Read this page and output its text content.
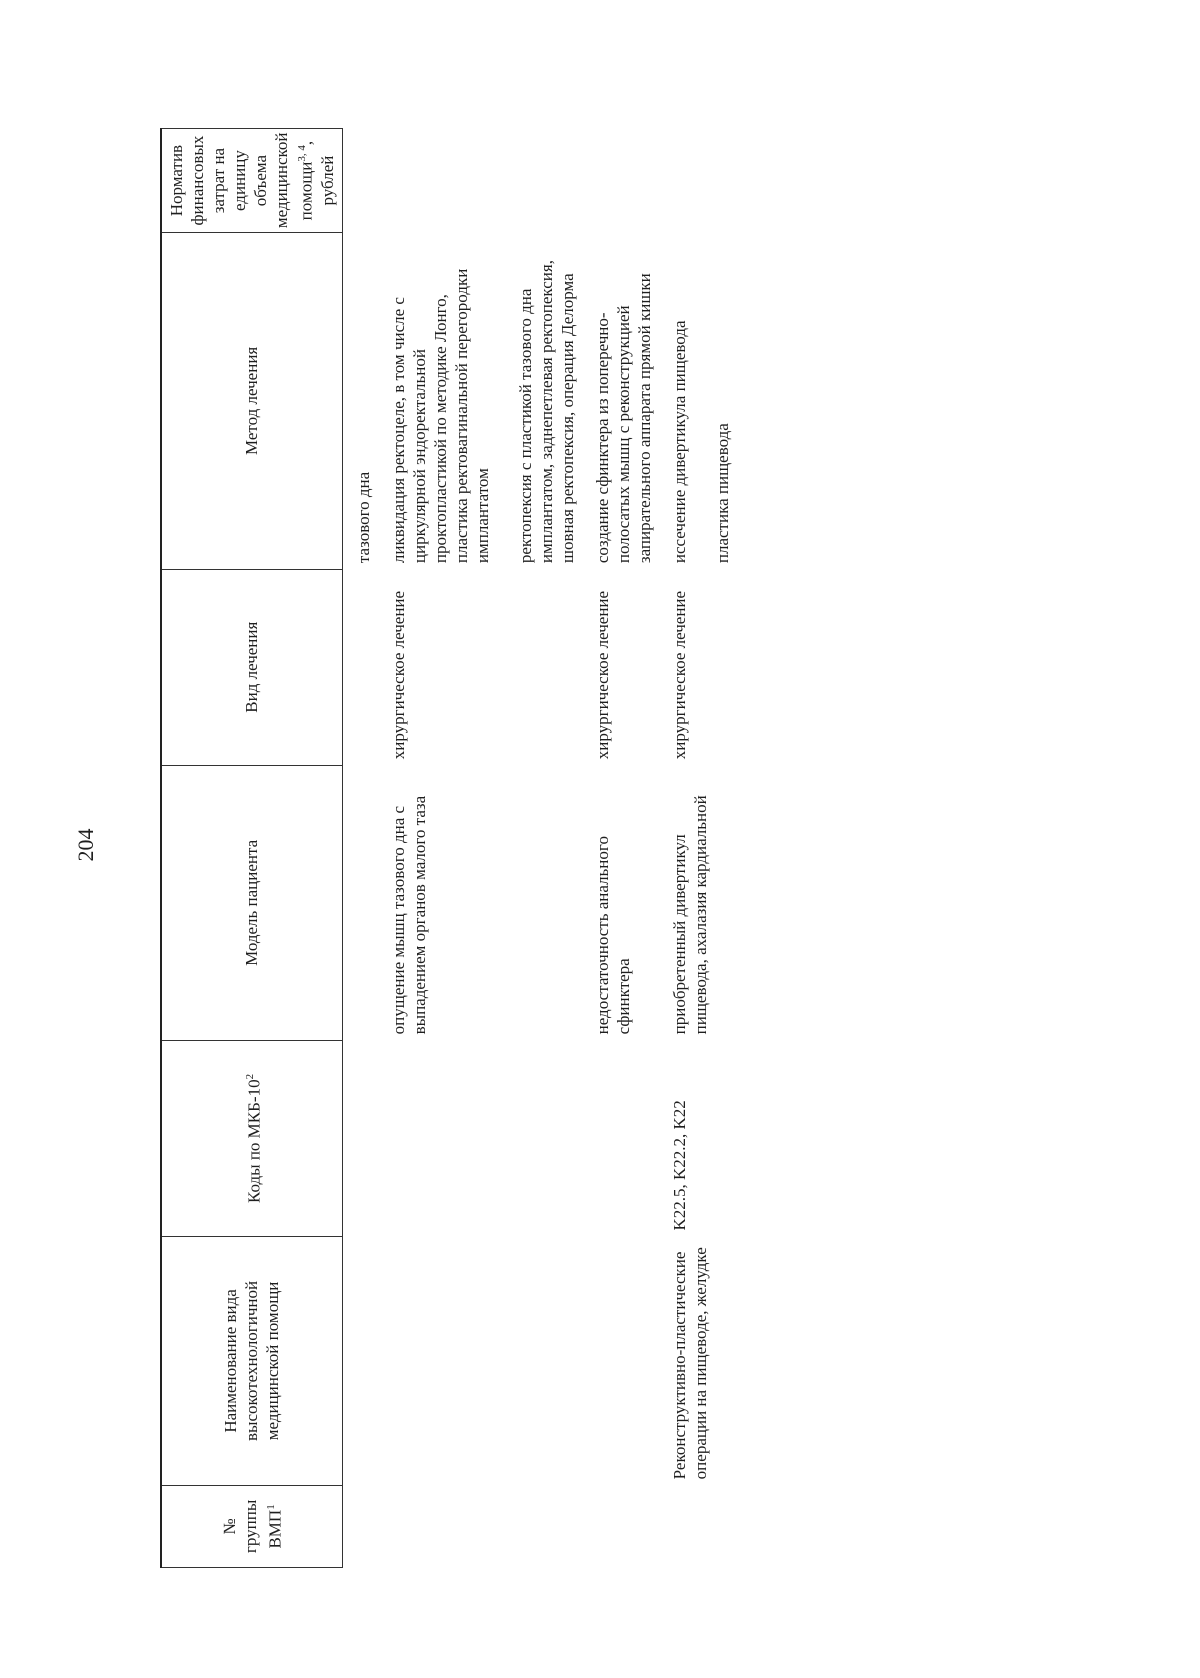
204
№ группы ВМП$^1$	Наименование вида высокотехнологичной медицинской помощи	Коды по МКБ-$10^2$	Модель пациента	Вид лечения	Метод лечения	Норматив финансовых затрат на единицу объема медицинской помощи$^{3, 4}$, рублей
					тазового дна	
			опущение мышц тазового дна с выпадением органов малого таза	хирургическое лечение	ликвидация ректоцеле, в том числе с циркулярной эндоректальной проктопластикой по методике Лонго, пластика ректовагинальной перегородки имплантатом ректопексия с пластикой тазового дна имплантатом, заднепетлевая ректопексия, шовная ректопексия, операция Делорма	
			недостаточность анального сфинктера	хирургическое лечение	создание сфинктера из поперечно-полосатых мышц с реконструкцией запирательного аппарата прямой кишки	
	Реконструктивно-пластические операции на пищеводе, желудке	K22.5, K22.2, K22	приобретенный дивертикул пищевода, ахалазия кардиальной	хирургическое лечение	иссечение дивертикула пищевода пластика пищевода	
